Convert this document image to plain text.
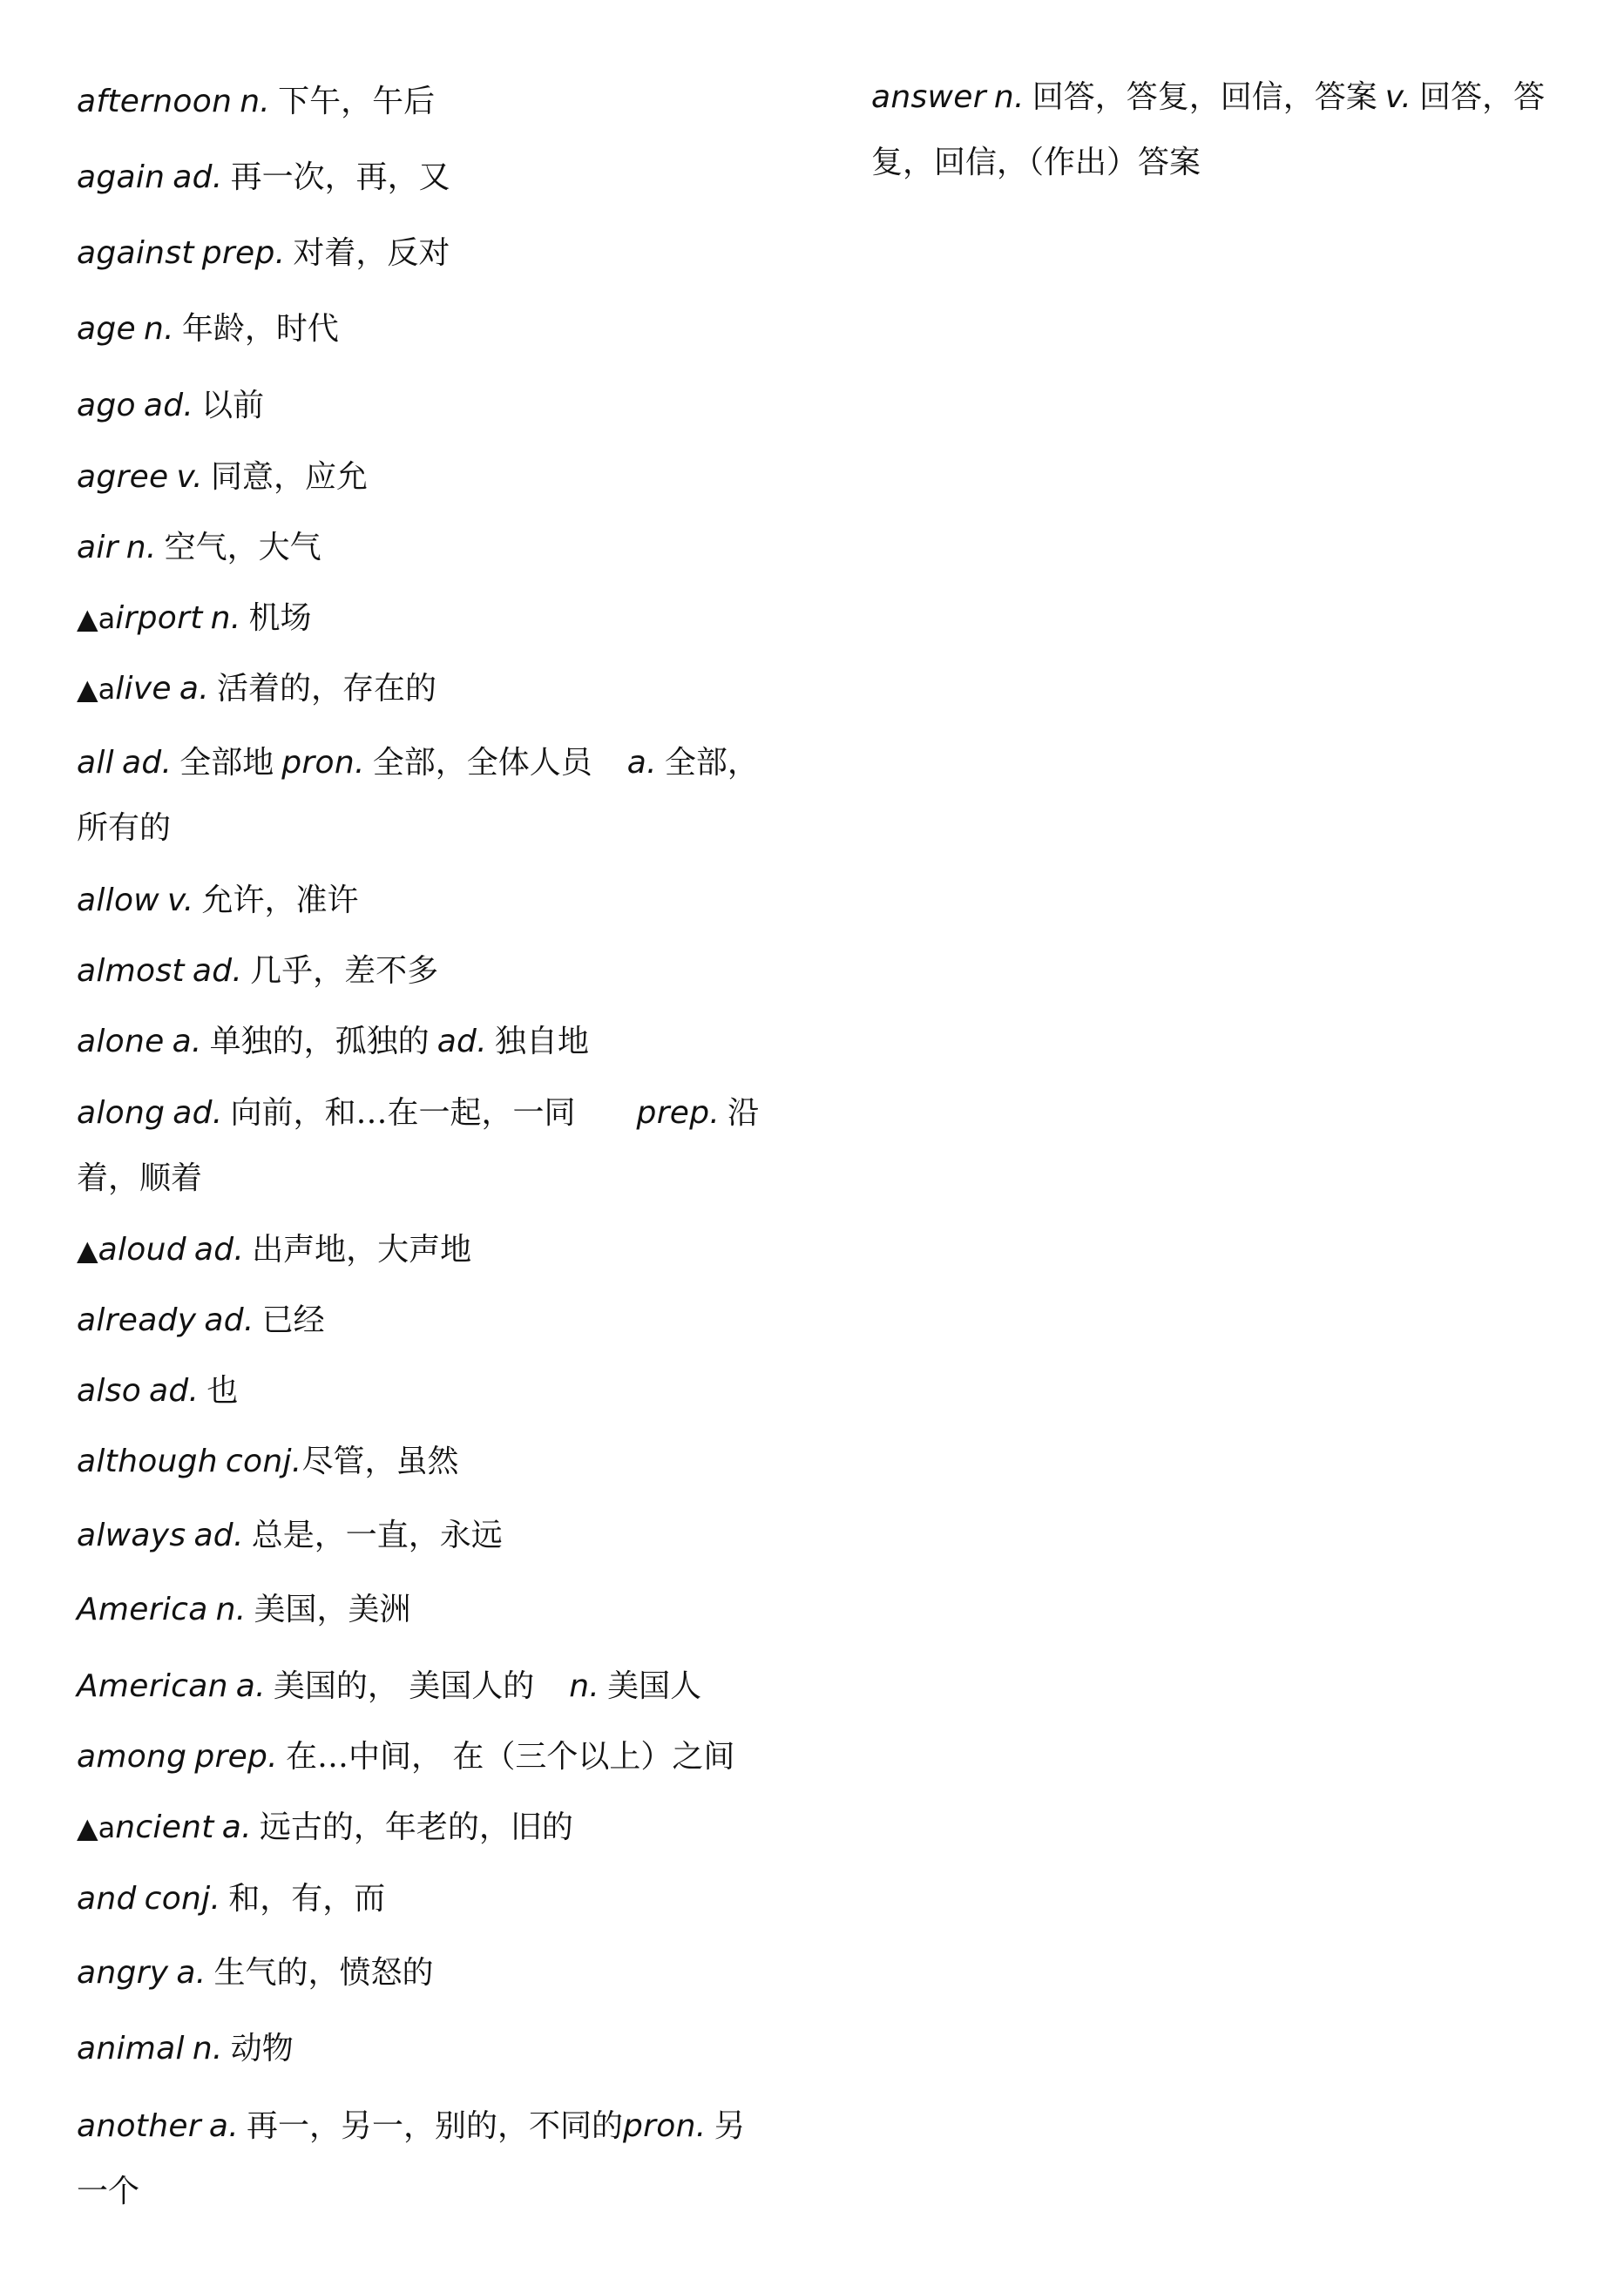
afternoon n. 下午，午后
again ad. 再一次，再，又
against prep. 对着，反对
age n. 年龄，时代
ago ad. 以前
agree v. 同意，应允
air n. 空气，大气
▲airport n. 机场
▲alive a. 活着的，存在的
all ad. 全部地 pron. 全部，全体人员 a. 全部，所有的
allow v. 允许，准许
almost ad. 几乎，差不多
alone a. 单独的，孤独的 ad. 独自地
along ad. 向前，和…在一起，一同 prep. 沿着，顺着
▲aloud ad. 出声地，大声地
already ad. 已经
also ad. 也
although conj.尽管，虽然
always ad. 总是，一直，永远
America n. 美国，美洲
American a. 美国的， 美国人的 n. 美国人
among prep. 在…中间， 在（三个以上）之间
▲ancient a. 远古的，年老的，旧的
and conj. 和，有，而
angry a. 生气的，愤怒的
animal n. 动物
another a. 再一，另一，别的，不同的pron. 另一个
answer n. 回答，答复，回信，答案 v. 回答，答复，回信，（作出）答案
